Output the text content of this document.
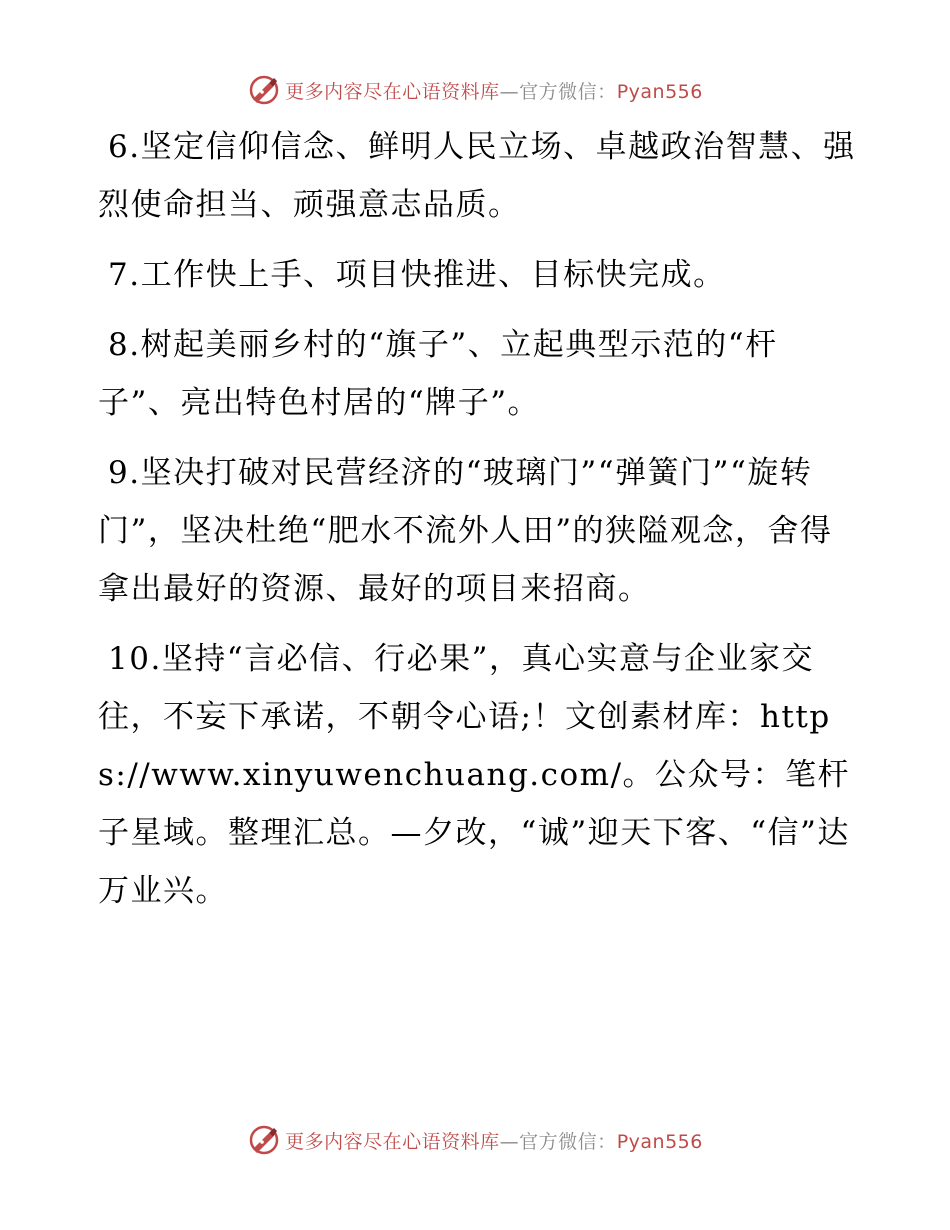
更多内容尽在心语资料库—官方微信：Pyan556

6.坚定信仰信念、鲜明人民立场、卓越政治智慧、强烈使命担当、顽强意志品质。

7.工作快上手、项目快推进、目标快完成。

8.树起美丽乡村的“旗子”、立起典型示范的“杆子”、亮出特色村居的“牌子”。

9.坚决打破对民营经济的“玻璃门”“弹簧门”“旋转门”，坚决杜绝“肥水不流外人田”的狭隘观念，舍得拿出最好的资源、最好的项目来招商。

10.坚持“言必信、行必果”，真心实意与企业家交往，不妄下承诺，不朝令心语;！文创素材库：https://www.xinyuwenchuang.com/。公众号：笔杆子星域。整理汇总。—夕改，“诚”迎天下客、“信”达万业兴。

更多内容尽在心语资料库—官方微信：Pyan556
